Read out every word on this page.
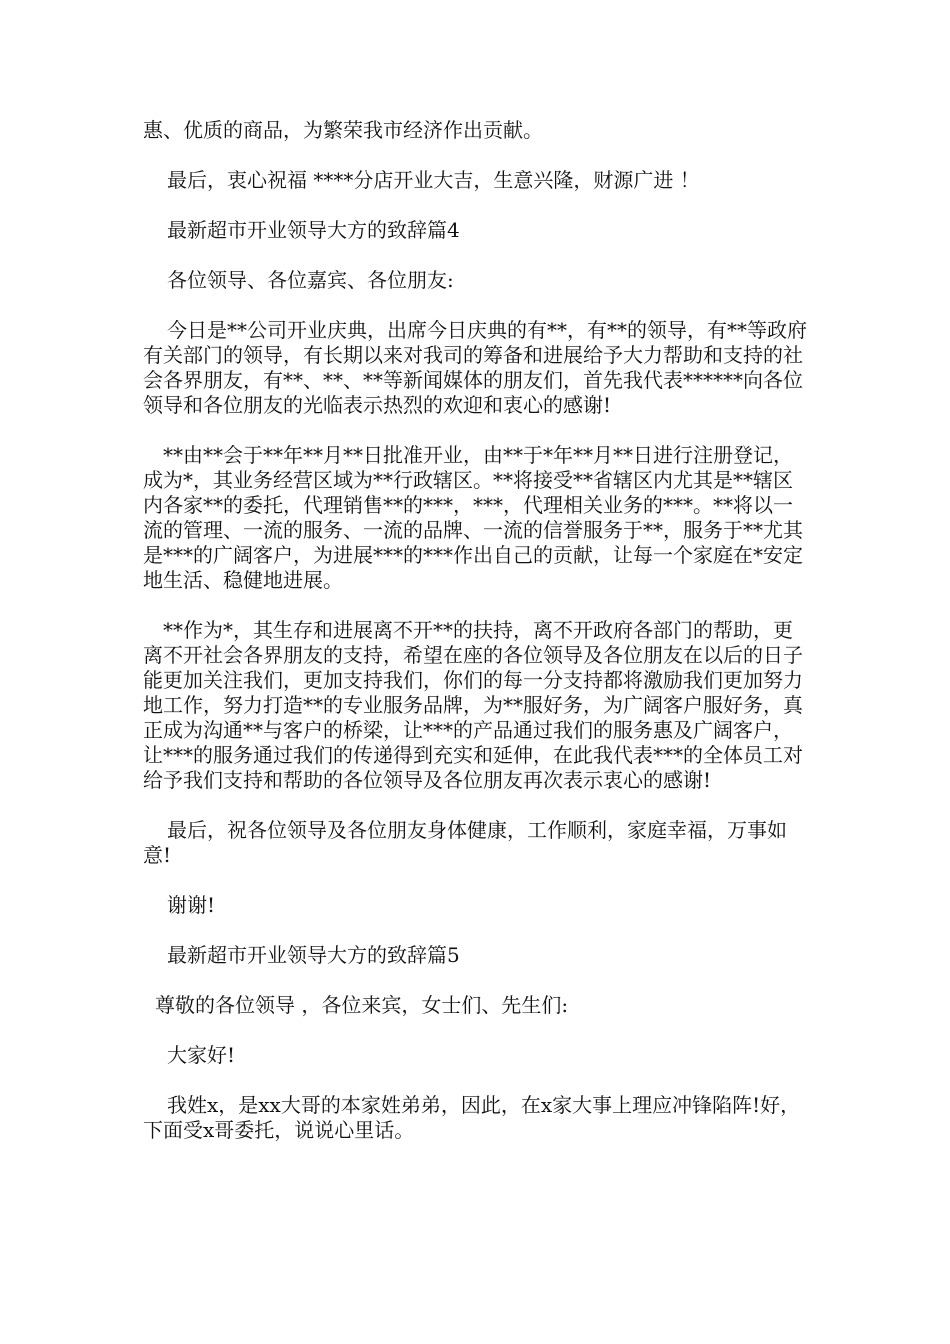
惠、优质的商品，为繁荣我市经济作出贡献。

最后，衷心祝福 ****分店开业大吉，生意兴隆，财源广进 ！

最新超市开业领导大方的致辞篇4

各位领导、各位嘉宾、各位朋友:

今日是**公司开业庆典，出席今日庆典的有**，有**的领导，有**等政府有关部门的领导，有长期以来对我司的筹备和进展给予大力帮助和支持的社会各界朋友，有**、**、**等新闻媒体的朋友们，首先我代表******向各位领导和各位朋友的光临表示热烈的欢迎和衷心的感谢!

**由**会于**年**月**日批准开业，由**于*年**月**日进行注册登记，成为*，其业务经营区域为**行政辖区。**将接受**省辖区内尤其是**辖区内各家**的委托，代理销售**的***，***，代理相关业务的***。**将以一流的管理、一流的服务、一流的品牌、一流的信誉服务于**，服务于**尤其是***的广阔客户，为进展***的***作出自己的贡献，让每一个家庭在*安定地生活、稳健地进展。

**作为*，其生存和进展离不开**的扶持，离不开政府各部门的帮助，更离不开社会各界朋友的支持，希望在座的各位领导及各位朋友在以后的日子能更加关注我们，更加支持我们，你们的每一分支持都将激励我们更加努力地工作，努力打造**的专业服务品牌，为**服好务，为广阔客户服好务，真正成为沟通**与客户的桥梁，让***的产品通过我们的服务惠及广阔客户，让***的服务通过我们的传递得到充实和延伸，在此我代表***的全体员工对给予我们支持和帮助的各位领导及各位朋友再次表示衷心的感谢!

最后，祝各位领导及各位朋友身体健康，工作顺利，家庭幸福，万事如意!

谢谢!

最新超市开业领导大方的致辞篇5

尊敬的各位领导 ，各位来宾，女士们、先生们:

大家好!

我姓x，是xx大哥的本家姓弟弟，因此，在x家大事上理应冲锋陷阵!好，下面受x哥委托，说说心里话。
